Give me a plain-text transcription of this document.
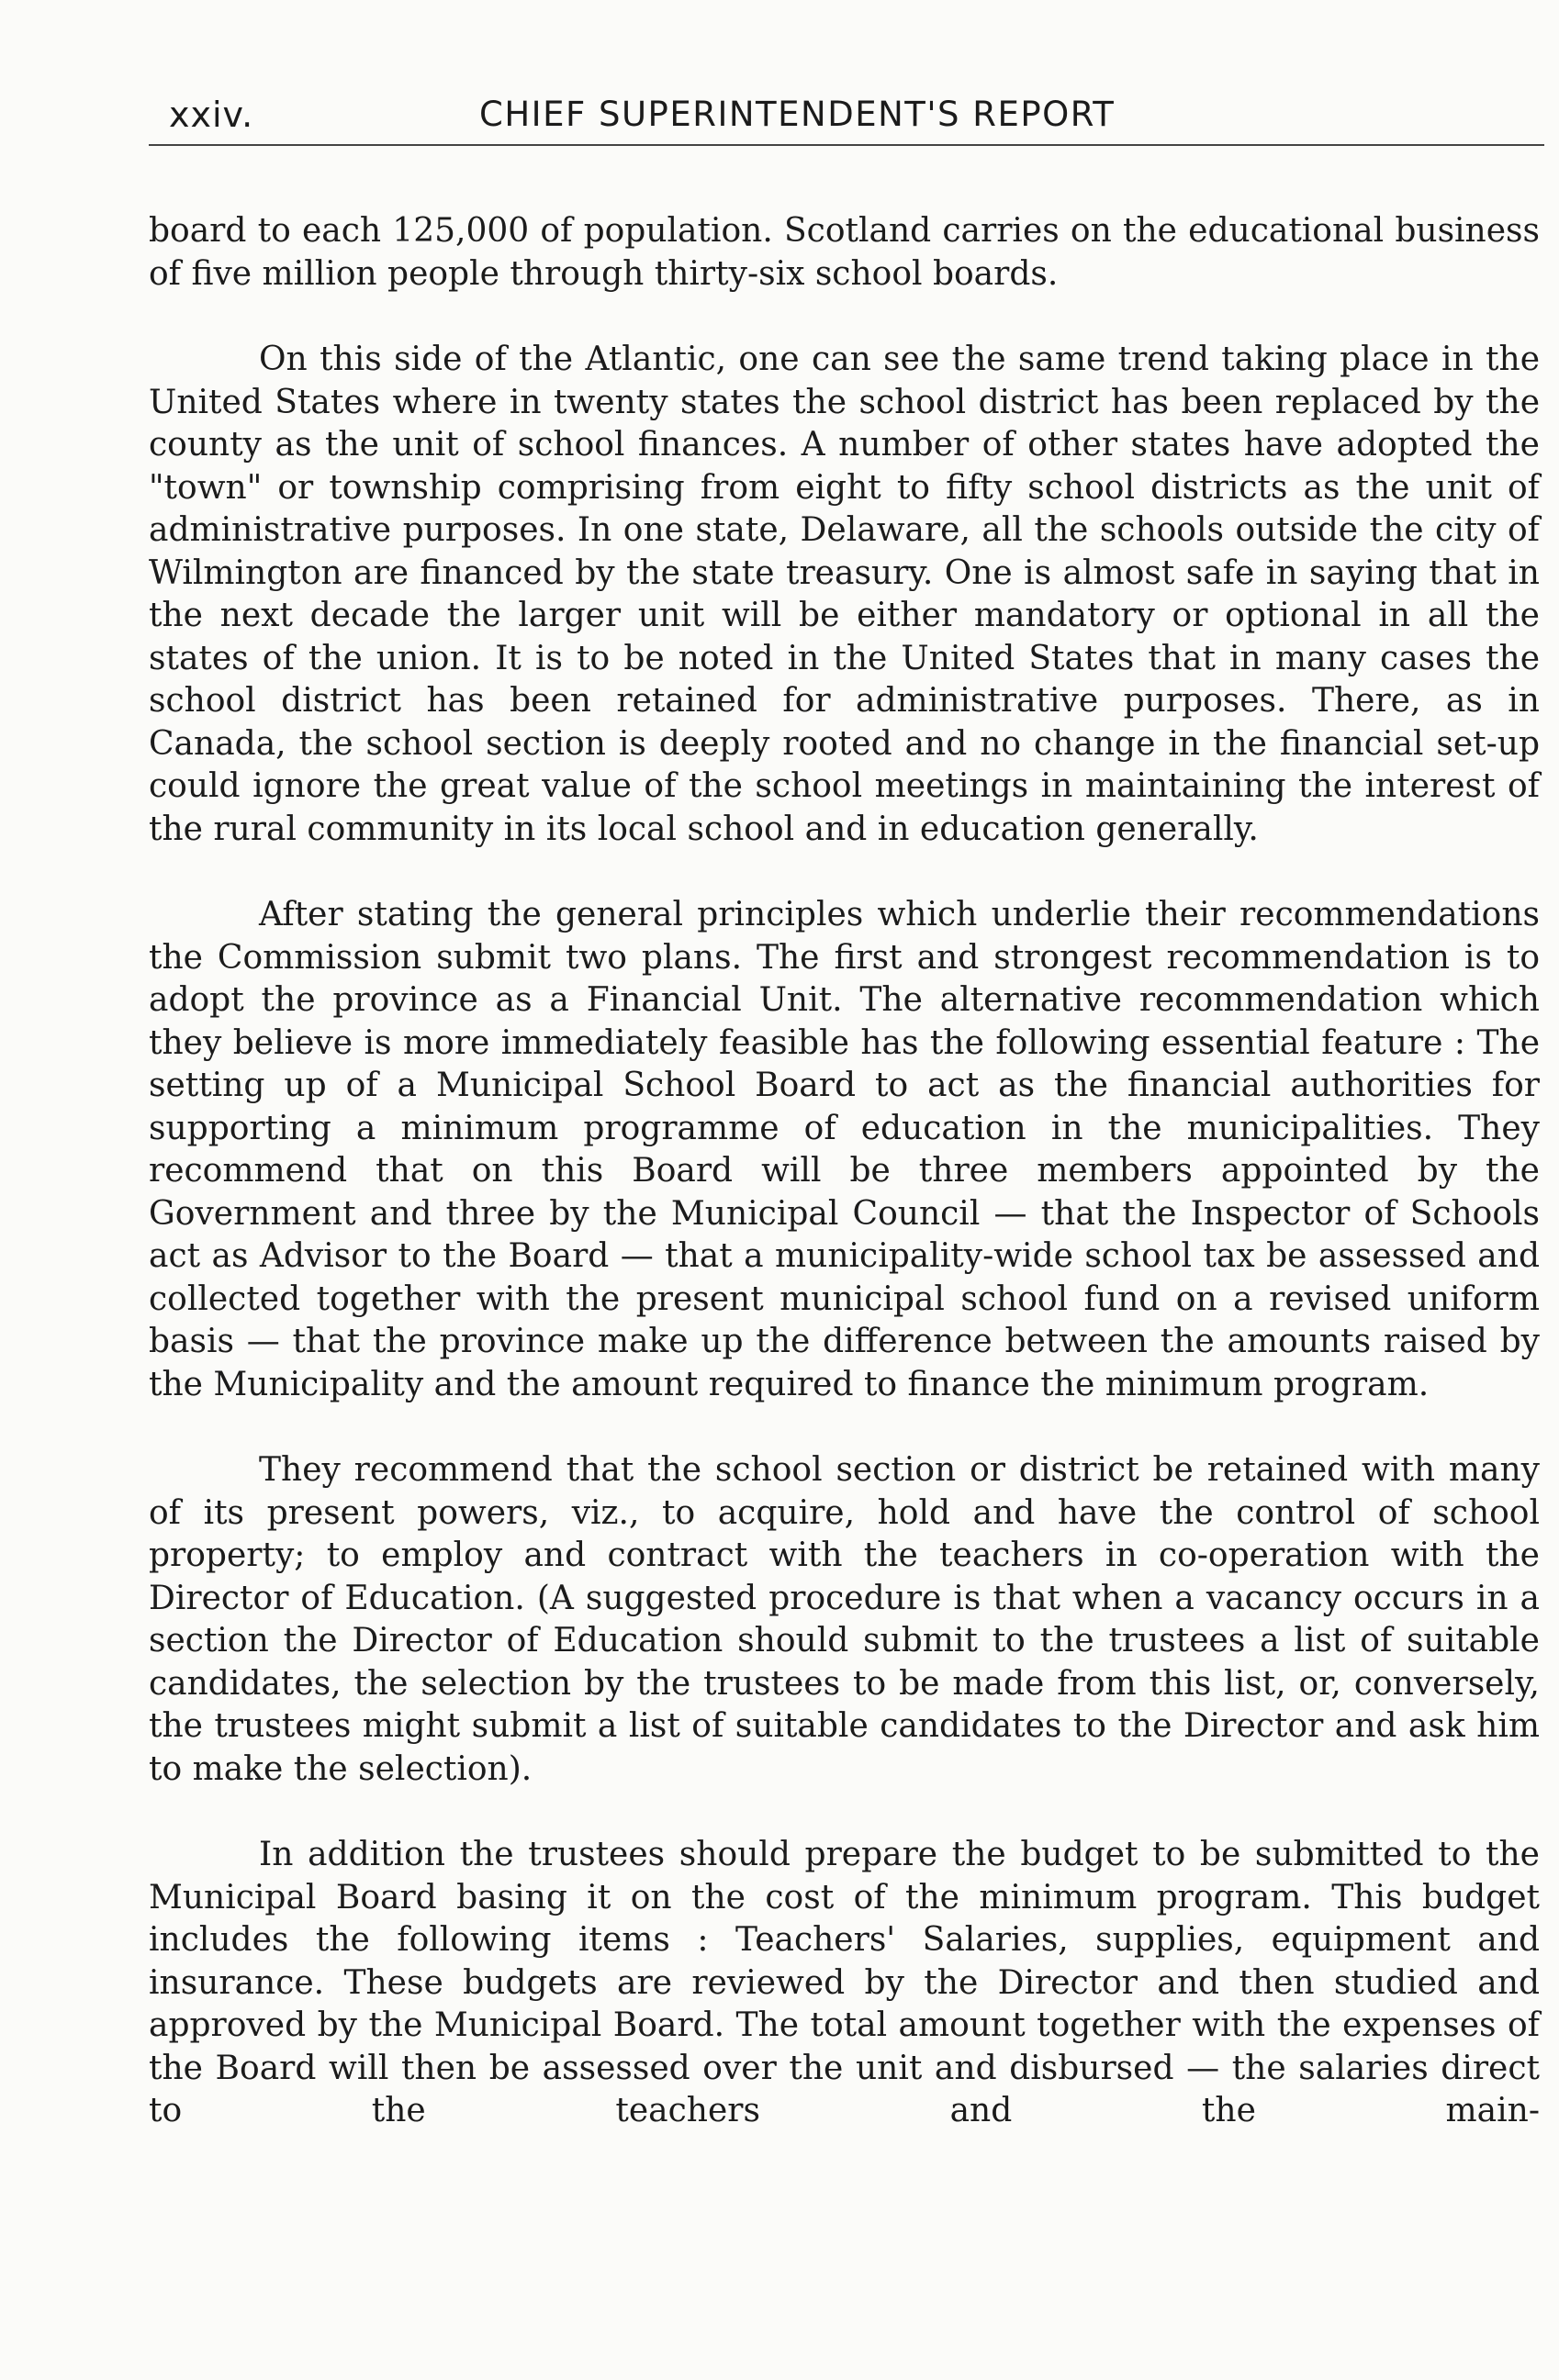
xxiv.	CHIEF SUPERINTENDENT'S REPORT

board to each 125,000 of population. Scotland carries on the educational business of five million people through thirty-six school boards.

On this side of the Atlantic, one can see the same trend taking place in the United States where in twenty states the school district has been replaced by the county as the unit of school finances. A number of other states have adopted the "town" or township comprising from eight to fifty school districts as the unit of administrative purposes. In one state, Delaware, all the schools outside the city of Wilmington are financed by the state treasury. One is almost safe in saying that in the next decade the larger unit will be either mandatory or optional in all the states of the union. It is to be noted in the United States that in many cases the school district has been retained for administrative purposes. There, as in Canada, the school section is deeply rooted and no change in the financial set-up could ignore the great value of the school meetings in maintaining the interest of the rural community in its local school and in education generally.

After stating the general principles which underlie their recommendations the Commission submit two plans. The first and strongest recommendation is to adopt the province as a Financial Unit. The alternative recommendation which they believe is more immediately feasible has the following essential feature : The setting up of a Municipal School Board to act as the financial authorities for supporting a minimum programme of education in the municipalities. They recommend that on this Board will be three members appointed by the Government and three by the Municipal Council — that the Inspector of Schools act as Advisor to the Board — that a municipality-wide school tax be assessed and collected together with the present municipal school fund on a revised uniform basis — that the province make up the difference between the amounts raised by the Municipality and the amount required to finance the minimum program.

They recommend that the school section or district be retained with many of its present powers, viz., to acquire, hold and have the control of school property; to employ and contract with the teachers in co-operation with the Director of Education. (A suggested procedure is that when a vacancy occurs in a section the Director of Education should submit to the trustees a list of suitable candidates, the selection by the trustees to be made from this list, or, conversely, the trustees might submit a list of suitable candidates to the Director and ask him to make the selection).

In addition the trustees should prepare the budget to be submitted to the Municipal Board basing it on the cost of the minimum program. This budget includes the following items : Teachers' Salaries, supplies, equipment and insurance. These budgets are reviewed by the Director and then studied and approved by the Municipal Board. The total amount together with the expenses of the Board will then be assessed over the unit and disbursed — the salaries direct to the teachers and the main-
